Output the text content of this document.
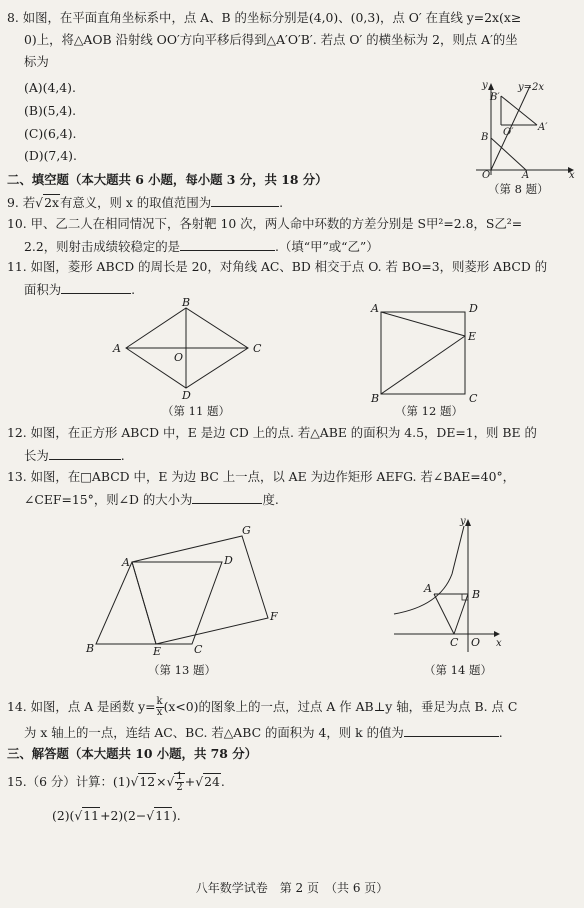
8. 如图，在平面直角坐标系中，点 A、B 的坐标分别是(4,0)、(0,3)，点 O′ 在直线 y=2x(x≥
0)上，将△AOB 沿射线 OO′方向平移后得到△A′O′B′. 若点 O′ 的横坐标为 2，则点 A′的坐
标为
(A)(4,4).
(B)(5,4).
(C)(6,4).
(D)(7,4).
y
B′
y=2x
O′ A′
B
O	A	x
（第 8 题）
二、填空题（本大题共 6 小题，每小题 3 分，共 18 分）
9. 若√2x有意义，则 x 的取值范围为	.
10. 甲、乙二人在相同情况下，各射靶 10 次，两人命中环数的方差分别是 S甲²=2.8，S乙²=
2.2，则射击成绩较稳定的是	.（填“甲”或“乙”）
11. 如图，菱形 ABCD 的周长是 20，对角线 AC、BD 相交于点 O. 若 BO=3，则菱形 ABCD 的
面积为	.
A
B
C
D
O
（第 11 题）
A	D
E
B	C
（第 12 题）
12. 如图，在正方形 ABCD 中，E 是边 CD 上的点. 若△ABE 的面积为 4.5，DE=1，则 BE 的
长为	.
13. 如图，在□ABCD 中，E 为边 BC 上一点，以 AE 为边作矩形 AEFG. 若∠BAE=40°，
∠CEF=15°，则∠D 的大小为	度.
A	D
G
F
B	E	C
（第 13 题）
y
A	B
C O x
（第 14 题）
14. 如图，点 A 是函数 $y= \frac{k}{x} (x<0)$的图象上的一点，过点 A 作 AB⊥y 轴，垂足为点 B. 点 C
为 x 轴上的一点，连结 AC、BC. 若△ABC 的面积为 4，则 k 的值为	.
三、解答题（本大题共 10 小题，共 78 分）
15.（6 分）计算：$(1)√12\times√ \frac{1}{2} +√24$.
(2)(√11+2)(2−√11).
八年数学试卷　第 2 页　（共 6 页）
